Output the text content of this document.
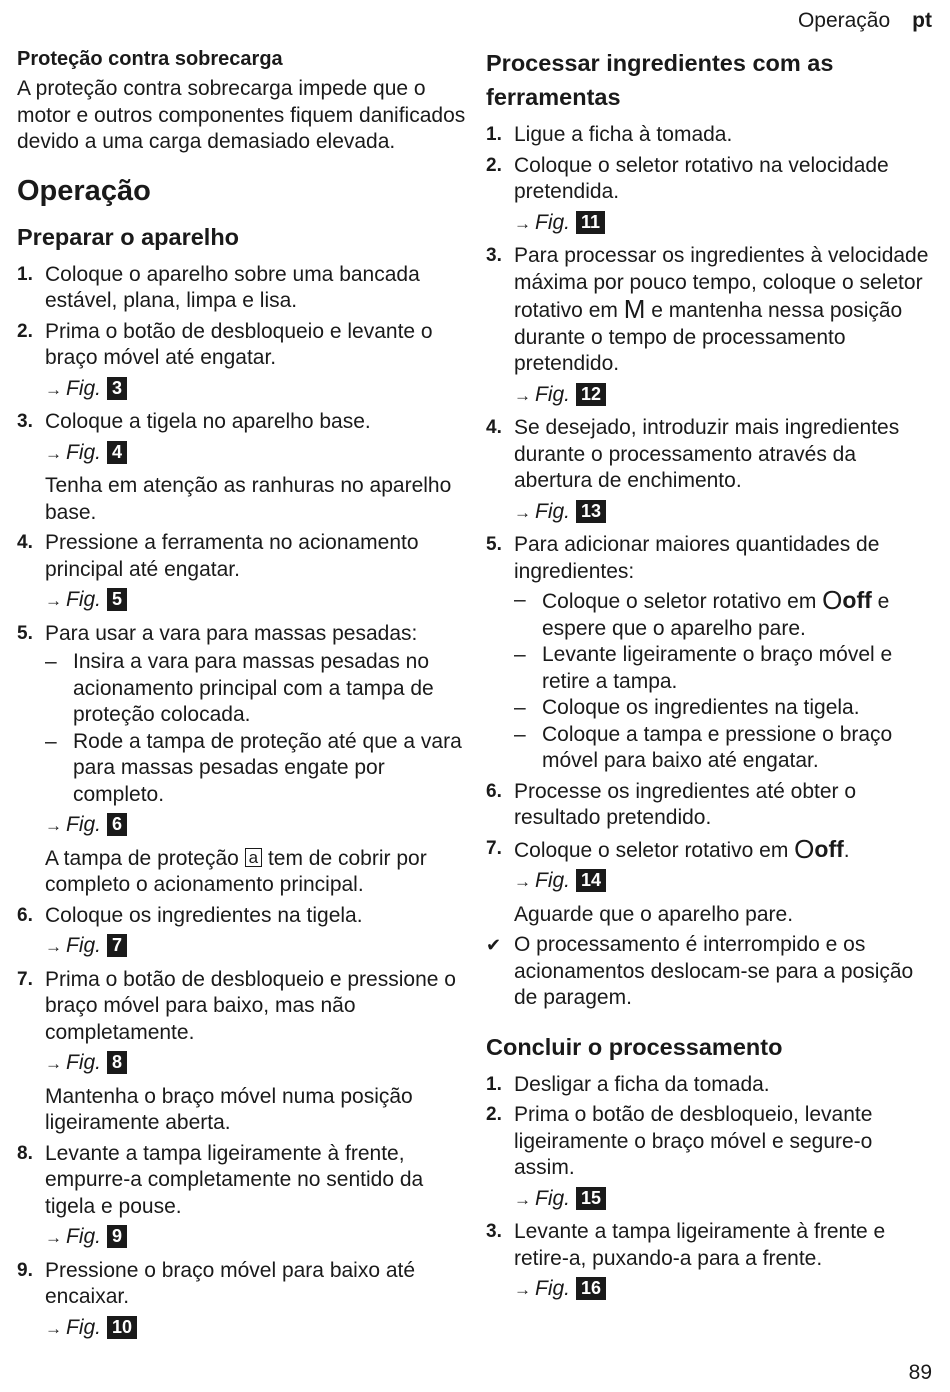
Operação pt
Proteção contra sobrecarga

A proteção contra sobrecarga impede que o motor e outros componentes fiquem danificados devido a uma carga demasiado elevada.

Operação
Preparar o aparelho
1. Coloque o aparelho sobre uma bancada estável, plana, limpa e lisa.
2. Prima o botão de desbloqueio e levante o braço móvel até engatar.
→ Fig. 3
3. Coloque a tigela no aparelho base.
→ Fig. 4

Tenha em atenção as ranhuras no aparelho base.

4. Pressione a ferramenta no acionamento principal até engatar.
→ Fig. 5
5. Para usar a vara para massas pesadas:
– Insira a vara para massas pesadas no acionamento principal com a tampa de proteção colocada.
– Rode a tampa de proteção até que a vara para massas pesadas engate por completo.
→ Fig. 6

A tampa de proteção a tem de cobrir por completo o acionamento principal.

6. Coloque os ingredientes na tigela.
→ Fig. 7
7. Prima o botão de desbloqueio e pressione o braço móvel para baixo, mas não completamente.
→ Fig. 8

Mantenha o braço móvel numa posição ligeiramente aberta.

8. Levante a tampa ligeiramente à frente, empurre-a completamente no sentido da tigela e pouse.
→ Fig. 9
9. Pressione o braço móvel para baixo até encaixar.
→ Fig. 10
Processar ingredientes com as ferramentas
1. Ligue a ficha à tomada.
2. Coloque o seletor rotativo na velocidade pretendida.
→ Fig. 11
3. Para processar os ingredientes à velocidade máxima por pouco tempo, coloque o seletor rotativo em M e mantenha nessa posição durante o tempo de processamento pretendido.
→ Fig. 12
4. Se desejado, introduzir mais ingredientes durante o processamento através da abertura de enchimento.
→ Fig. 13
5. Para adicionar maiores quantidades de ingredientes:
– Coloque o seletor rotativo em Ooff e espere que o aparelho pare.
– Levante ligeiramente o braço móvel e retire a tampa.
– Coloque os ingredientes na tigela.
– Coloque a tampa e pressione o braço móvel para baixo até engatar.
6. Processe os ingredientes até obter o resultado pretendido.
7. Coloque o seletor rotativo em Ooff.
→ Fig. 14

Aguarde que o aparelho pare.

✔ O processamento é interrompido e os acionamentos deslocam-se para a posição de paragem.
Concluir o processamento
1. Desligar a ficha da tomada.
2. Prima o botão de desbloqueio, levante ligeiramente o braço móvel e segure-o assim.
→ Fig. 15
3. Levante a tampa ligeiramente à frente e retire-a, puxando-a para a frente.
→ Fig. 16
89
